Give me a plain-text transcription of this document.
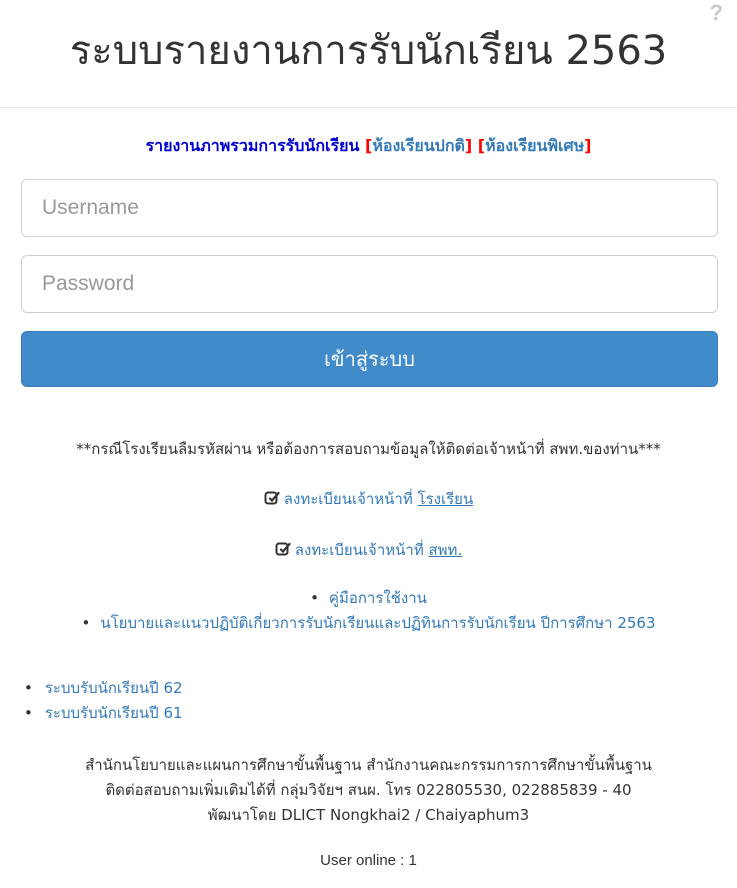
?
ระบบรายงานการรับนักเรียน 2563
รายงานภาพรวมการรับนักเรียน [ห้องเรียนปกติ] [ห้องเรียนพิเศษ]
Username
Password
เข้าสู่ระบบ
**กรณีโรงเรียนลืมรหัสผ่าน หรือต้องการสอบถามข้อมูลให้ติดต่อเจ้าหน้าที่ สพท.ของท่าน***
ลงทะเบียนเจ้าหน้าที่ โรงเรียน
ลงทะเบียนเจ้าหน้าที่ สพท.
• คู่มือการใช้งาน
• นโยบายและแนวปฏิบัติเกี่ยวการรับนักเรียนและปฏิทินการรับนักเรียน ปีการศึกษา 2563
• ระบบรับนักเรียนปี 62
• ระบบรับนักเรียนปี 61
สำนักนโยบายและแผนการศึกษาขั้นพื้นฐาน สำนักงานคณะกรรมการการศึกษาขั้นพื้นฐาน
ติดต่อสอบถามเพิ่มเติมได้ที่ กลุ่มวิจัยฯ สนผ. โทร 022805530, 022885839 - 40
พัฒนาโดย DLICT Nongkhai2 / Chaiyaphum3
User online : 1
